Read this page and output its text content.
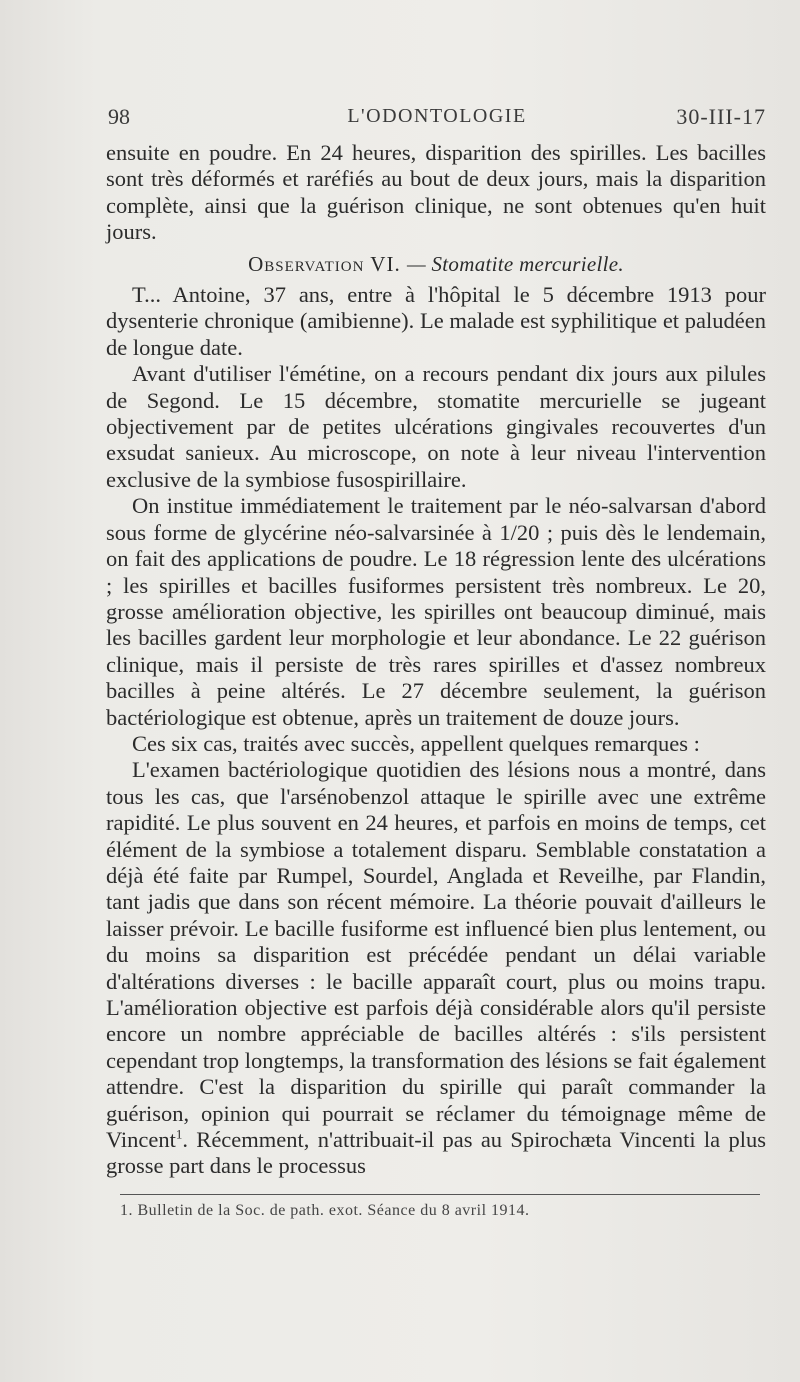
98	L'ODONTOLOGIE	30-III-17

ensuite en poudre. En 24 heures, disparition des spirilles. Les bacilles sont très déformés et raréfiés au bout de deux jours, mais la disparition complète, ainsi que la guérison clinique, ne sont obtenues qu'en huit jours.

Observation VI. — Stomatite mercurielle.

T... Antoine, 37 ans, entre à l'hôpital le 5 décembre 1913 pour dysenterie chronique (amibienne). Le malade est syphilitique et paludéen de longue date.

Avant d'utiliser l'émétine, on a recours pendant dix jours aux pilules de Segond. Le 15 décembre, stomatite mercurielle se jugeant objectivement par de petites ulcérations gingivales recouvertes d'un exsudat sanieux. Au microscope, on note à leur niveau l'intervention exclusive de la symbiose fusospirillaire.

On institue immédiatement le traitement par le néo-salvarsan d'abord sous forme de glycérine néo-salvarsinée à 1/20 ; puis dès le lendemain, on fait des applications de poudre. Le 18 régression lente des ulcérations ; les spirilles et bacilles fusiformes persistent très nombreux. Le 20, grosse amélioration objective, les spirilles ont beaucoup diminué, mais les bacilles gardent leur morphologie et leur abondance. Le 22 guérison clinique, mais il persiste de très rares spirilles et d'assez nombreux bacilles à peine altérés. Le 27 décembre seulement, la guérison bactériologique est obtenue, après un traitement de douze jours.

Ces six cas, traités avec succès, appellent quelques remarques :

L'examen bactériologique quotidien des lésions nous a montré, dans tous les cas, que l'arsénobenzol attaque le spirille avec une extrême rapidité. Le plus souvent en 24 heures, et parfois en moins de temps, cet élément de la symbiose a totalement disparu. Semblable constatation a déjà été faite par Rumpel, Sourdel, Anglada et Reveilhe, par Flandin, tant jadis que dans son récent mémoire. La théorie pouvait d'ailleurs le laisser prévoir. Le bacille fusiforme est influencé bien plus lentement, ou du moins sa disparition est précédée pendant un délai variable d'altérations diverses : le bacille apparaît court, plus ou moins trapu. L'amélioration objective est parfois déjà considérable alors qu'il persiste encore un nombre appréciable de bacilles altérés : s'ils persistent cependant trop longtemps, la transformation des lésions se fait également attendre. C'est la disparition du spirille qui paraît commander la guérison, opinion qui pourrait se réclamer du témoignage même de Vincent$^1$. Récemment, n'attribuait-il pas au Spirochæta Vincenti la plus grosse part dans le processus

1. Bulletin de la Soc. de path. exot. Séance du 8 avril 1914.
